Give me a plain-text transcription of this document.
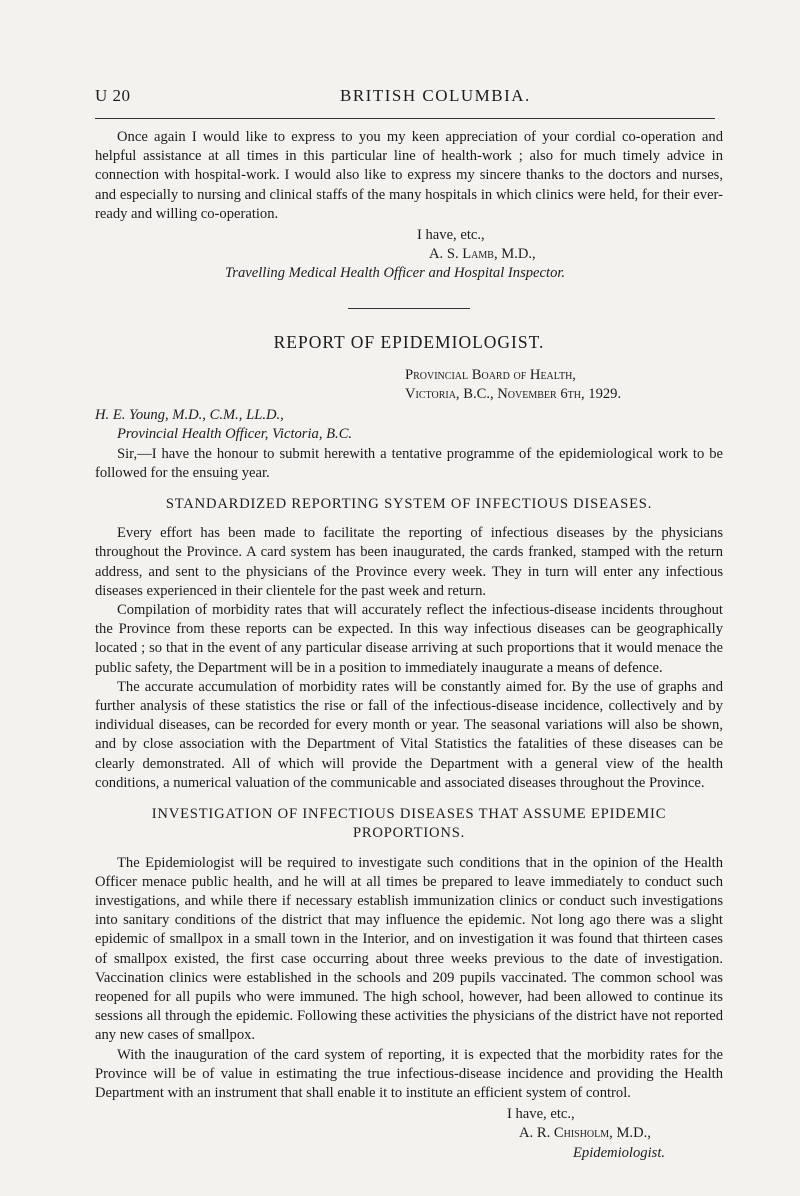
U 20	BRITISH COLUMBIA.

Once again I would like to express to you my keen appreciation of your cordial co-operation and helpful assistance at all times in this particular line of health-work ; also for much timely advice in connection with hospital-work. I would also like to express my sincere thanks to the doctors and nurses, and especially to nursing and clinical staffs of the many hospitals in which clinics were held, for their ever-ready and willing co-operation.

I have, etc.,
A. S. Lamb, M.D.,
Travelling Medical Health Officer and Hospital Inspector.
REPORT OF EPIDEMIOLOGIST.
Provincial Board of Health,
Victoria, B.C., November 6th, 1929.
H. E. Young, M.D., C.M., LL.D.,
Provincial Health Officer, Victoria, B.C.

Sir,—I have the honour to submit herewith a tentative programme of the epidemiological work to be followed for the ensuing year.

STANDARDIZED REPORTING SYSTEM OF INFECTIOUS DISEASES.

Every effort has been made to facilitate the reporting of infectious diseases by the physicians throughout the Province. A card system has been inaugurated, the cards franked, stamped with the return address, and sent to the physicians of the Province every week. They in turn will enter any infectious diseases experienced in their clientele for the past week and return.

Compilation of morbidity rates that will accurately reflect the infectious-disease incidents throughout the Province from these reports can be expected. In this way infectious diseases can be geographically located ; so that in the event of any particular disease arriving at such proportions that it would menace the public safety, the Department will be in a position to immediately inaugurate a means of defence.

The accurate accumulation of morbidity rates will be constantly aimed for. By the use of graphs and further analysis of these statistics the rise or fall of the infectious-disease incidence, collectively and by individual diseases, can be recorded for every month or year. The seasonal variations will also be shown, and by close association with the Department of Vital Statistics the fatalities of these diseases can be clearly demonstrated. All of which will provide the Department with a general view of the health conditions, a numerical valuation of the communicable and associated diseases throughout the Province.

INVESTIGATION OF INFECTIOUS DISEASES THAT ASSUME EPIDEMIC
PROPORTIONS.

The Epidemiologist will be required to investigate such conditions that in the opinion of the Health Officer menace public health, and he will at all times be prepared to leave immediately to conduct such investigations, and while there if necessary establish immunization clinics or conduct such investigations into sanitary conditions of the district that may influence the epidemic. Not long ago there was a slight epidemic of smallpox in a small town in the Interior, and on investigation it was found that thirteen cases of smallpox existed, the first case occurring about three weeks previous to the date of investigation. Vaccination clinics were established in the schools and 209 pupils vaccinated. The common school was reopened for all pupils who were immuned. The high school, however, had been allowed to continue its sessions all through the epidemic. Following these activities the physicians of the district have not reported any new cases of smallpox.

With the inauguration of the card system of reporting, it is expected that the morbidity rates for the Province will be of value in estimating the true infectious-disease incidence and providing the Health Department with an instrument that shall enable it to institute an efficient system of control.

I have, etc.,
A. R. Chisholm, M.D.,
Epidemiologist.
